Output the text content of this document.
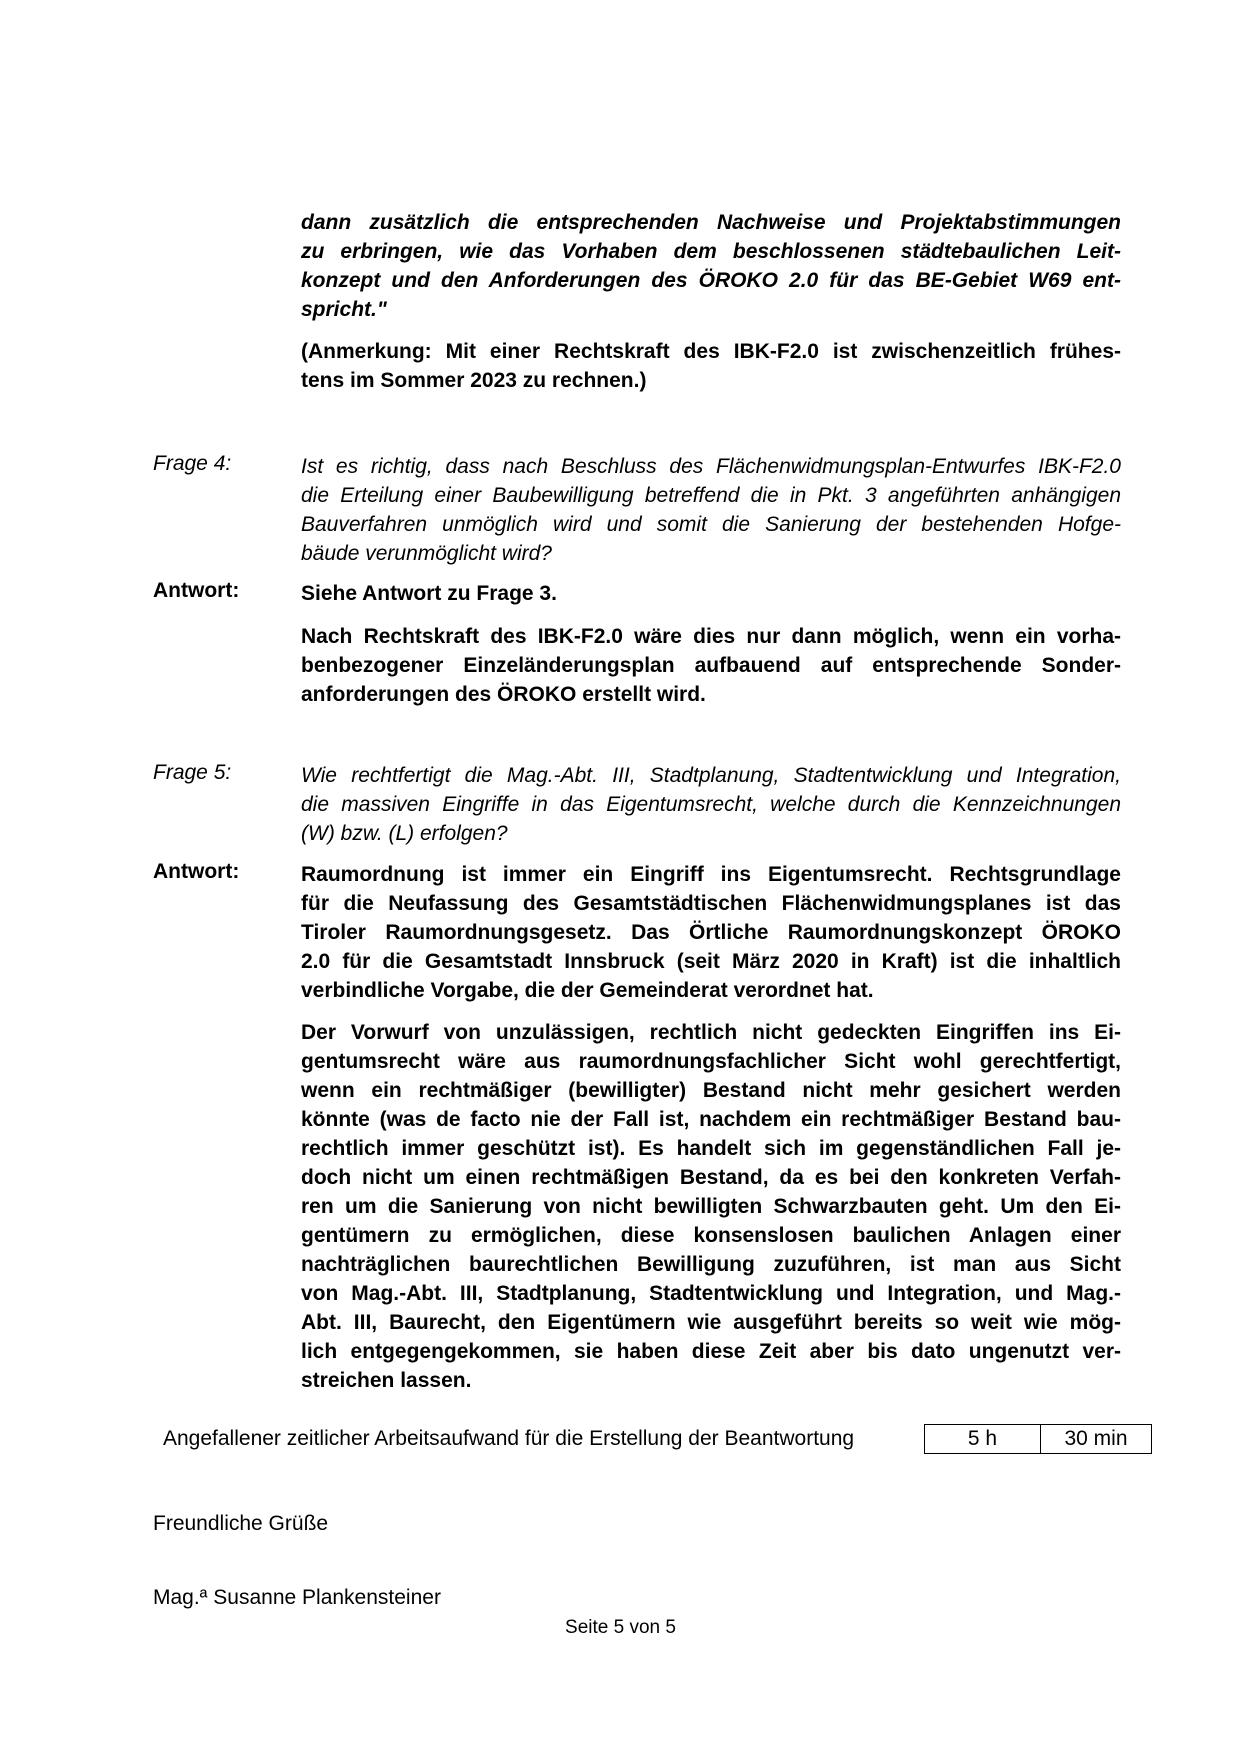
dann zusätzlich die entsprechenden Nachweise und Projektabstimmungen
zu erbringen, wie das Vorhaben dem beschlossenen städtebaulichen Leit-
konzept und den Anforderungen des ÖROKO 2.0 für das BE-Gebiet W69 ent-
spricht."
(Anmerkung: Mit einer Rechtskraft des IBK-F2.0 ist zwischenzeitlich frühes-
tens im Sommer 2023 zu rechnen.)
Frage 4:	Ist es richtig, dass nach Beschluss des Flächenwidmungsplan-Entwurfes IBK-F2.0
die Erteilung einer Baubewilligung betreffend die in Pkt. 3 angeführten anhängigen
Bauverfahren unmöglich wird und somit die Sanierung der bestehenden Hofge-
bäude verunmöglicht wird?
Antwort:	Siehe Antwort zu Frage 3.
Nach Rechtskraft des IBK-F2.0 wäre dies nur dann möglich, wenn ein vorha-
benbezogener Einzeländerungsplan aufbauend auf entsprechende Sonder-
anforderungen des ÖROKO erstellt wird.
Frage 5:	Wie rechtfertigt die Mag.-Abt. III, Stadtplanung, Stadtentwicklung und Integration,
die massiven Eingriffe in das Eigentumsrecht, welche durch die Kennzeichnungen
(W) bzw. (L) erfolgen?
Antwort:	Raumordnung ist immer ein Eingriff ins Eigentumsrecht. Rechtsgrundlage
für die Neufassung des Gesamtstädtischen Flächenwidmungsplanes ist das
Tiroler Raumordnungsgesetz. Das Örtliche Raumordnungskonzept ÖROKO
2.0 für die Gesamtstadt Innsbruck (seit März 2020 in Kraft) ist die inhaltlich
verbindliche Vorgabe, die der Gemeinderat verordnet hat.
Der Vorwurf von unzulässigen, rechtlich nicht gedeckten Eingriffen ins Ei-
gentumsrecht wäre aus raumordnungsfachlicher Sicht wohl gerechtfertigt,
wenn ein rechtmäßiger (bewilligter) Bestand nicht mehr gesichert werden
könnte (was de facto nie der Fall ist, nachdem ein rechtmäßiger Bestand bau-
rechtlich immer geschützt ist). Es handelt sich im gegenständlichen Fall je-
doch nicht um einen rechtmäßigen Bestand, da es bei den konkreten Verfah-
ren um die Sanierung von nicht bewilligten Schwarzbauten geht. Um den Ei-
gentümern zu ermöglichen, diese konsenslosen baulichen Anlagen einer
nachträglichen baurechtlichen Bewilligung zuzuführen, ist man aus Sicht
von Mag.-Abt. III, Stadtplanung, Stadtentwicklung und Integration, und Mag.-
Abt. III, Baurecht, den Eigentümern wie ausgeführt bereits so weit wie mög-
lich entgegengekommen, sie haben diese Zeit aber bis dato ungenutzt ver-
streichen lassen.
Angefallener zeitlicher Arbeitsaufwand für die Erstellung der Beantwortung	5 h	30 min
Freundliche Grüße
Mag.ª Susanne Plankensteiner
Seite 5 von 5
